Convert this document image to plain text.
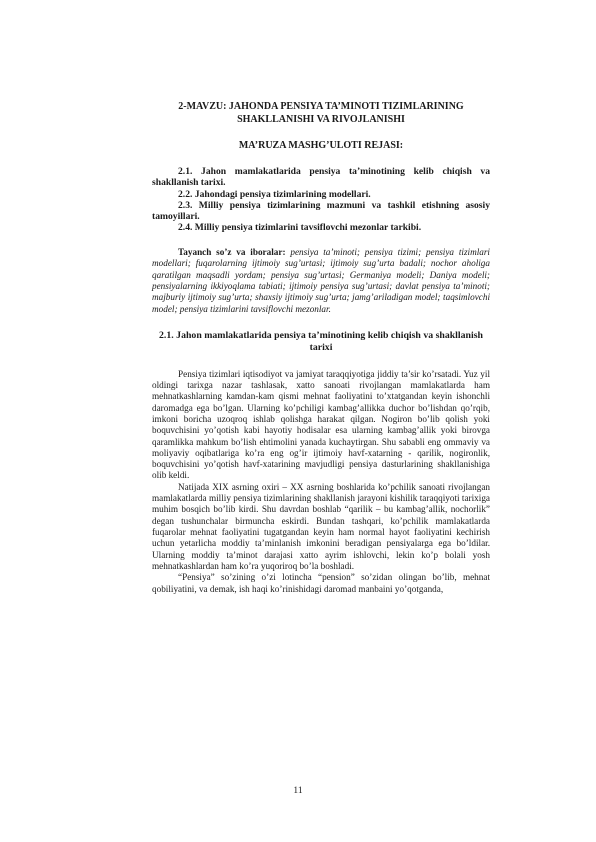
2-MAVZU: JAHONDA PENSIYA TA’MINOTI TIZIMLARINING
SHAKLLANISHI VA RIVOJLANISHI

MA’RUZA MASHG’ULOTI REJASI:

2.1. Jahon mamlakatlarida pensiya ta’minotining kelib chiqish va shakllanish tarixi.

2.2. Jahondagi pensiya tizimlarining modellari.

2.3. Milliy pensiya tizimlarining mazmuni va tashkil etishning asosiy tamoyillari.

2.4. Milliy pensiya tizimlarini tavsiflovchi mezonlar tarkibi.

Tayanch so’z va iboralar: pensiya ta’minoti; pensiya tizimi; pensiya tizimlari modellari; fuqarolarning ijtimoiy sug’urtasi; ijtimoiy sug’urta badali; nochor aholiga qaratilgan maqsadli yordam; pensiya sug’urtasi; Germaniya modeli; Daniya modeli; pensiyalarning ikkiyoqlama tabiati; ijtimoiy pensiya sug’urtasi; davlat pensiya ta’minoti; majburiy ijtimoiy sug’urta; shaxsiy ijtimoiy sug’urta; jamg’ariladigan model; taqsimlovchi model; pensiya tizimlarini tavsiflovchi mezonlar.

2.1. Jahon mamlakatlarida pensiya ta’minotining kelib chiqish va shakllanish
tarixi

Pensiya tizimlari iqtisodiyot va jamiyat taraqqiyotiga jiddiy ta’sir ko’rsatadi. Yuz yil oldingi tarixga nazar tashlasak, xatto sanoati rivojlangan mamlakatlarda ham mehnatkashlarning kamdan-kam qismi mehnat faoliyatini to’xtatgandan keyin ishonchli daromadga ega bo’lgan. Ularning ko’pchiligi kambag’allikka duchor bo’lishdan qo’rqib, imkoni boricha uzoqroq ishlab qolishga harakat qilgan. Nogiron bo’lib qolish yoki boquvchisini yo’qotish kabi hayotiy hodisalar esa ularning kambag’allik yoki birovga qaramlikka mahkum bo’lish ehtimolini yanada kuchaytirgan. Shu sababli eng ommaviy va moliyaviy oqibatlariga ko’ra eng og’ir ijtimoiy havf-xatarning - qarilik, nogironlik, boquvchisini yo’qotish havf-xatarining mavjudligi pensiya dasturlarining shakllanishiga olib keldi.

Natijada XIX asrning oxiri – XX asrning boshlarida ko’pchilik sanoati rivojlangan mamlakatlarda milliy pensiya tizimlarining shakllanish jarayoni kishilik taraqqiyoti tarixiga muhim bosqich bo’lib kirdi. Shu davrdan boshlab “qarilik – bu kambag’allik, nochorlik” degan tushunchalar birmuncha eskirdi. Bundan tashqari, ko’pchilik mamlakatlarda fuqarolar mehnat faoliyatini tugatgandan keyin ham normal hayot faoliyatini kechirish uchun yetarlicha moddiy ta’minlanish imkonini beradigan pensiyalarga ega bo’ldilar. Ularning moddiy ta’minot darajasi xatto ayrim ishlovchi, lekin ko’p bolali yosh mehnatkashlardan ham ko’ra yuqoriroq bo’la boshladi.

“Pensiya” so’zining o’zi lotincha “pension” so’zidan olingan bo’lib, mehnat qobiliyatini, va demak, ish haqi ko’rinishidagi daromad manbaini yo’qotganda,

11
